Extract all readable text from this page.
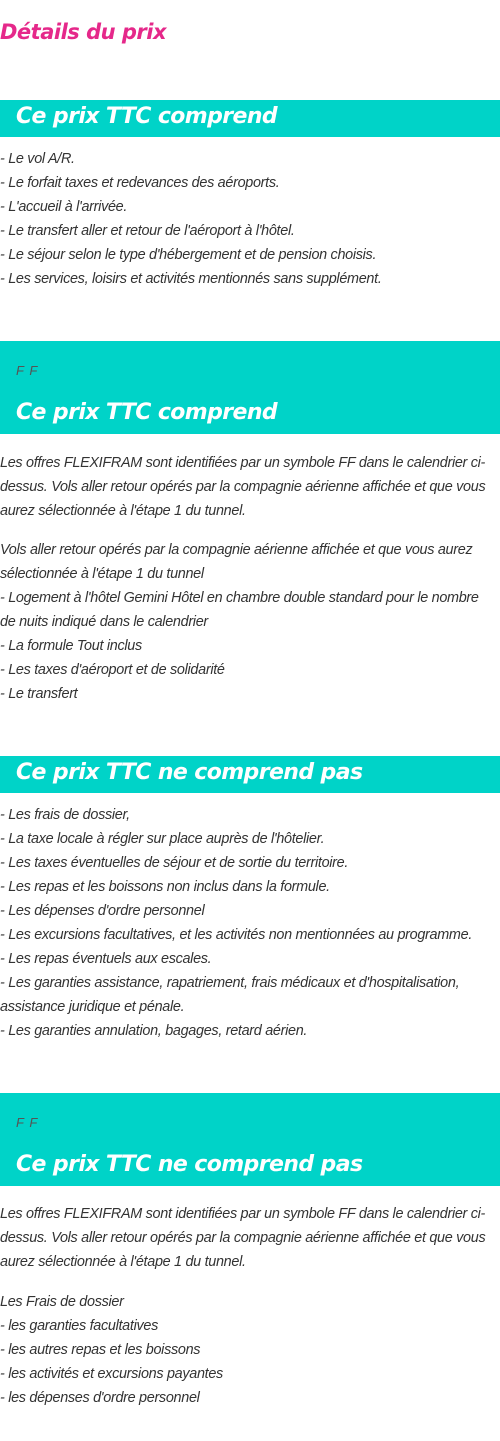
Détails du prix
Ce prix TTC comprend

- Le vol A/R.
- Le forfait taxes et redevances des aéroports.
- L'accueil à l'arrivée.
- Le transfert aller et retour de l'aéroport à l'hôtel.
- Le séjour selon le type d'hébergement et de pension choisis.
- Les services, loisirs et activités mentionnés sans supplément.

F F
Ce prix TTC comprend

Les offres FLEXIFRAM sont identifiées par un symbole FF dans le calendrier ci-
dessus. Vols aller retour opérés par la compagnie aérienne affichée et que vous
aurez sélectionnée à l'étape 1 du tunnel.

Vols aller retour opérés par la compagnie aérienne affichée et que vous aurez
sélectionnée à l'étape 1 du tunnel
- Logement à l'hôtel Gemini Hôtel en chambre double standard pour le nombre
de nuits indiqué dans le calendrier
- La formule Tout inclus
- Les taxes d'aéroport et de solidarité
- Le transfert

Ce prix TTC ne comprend pas

- Les frais de dossier,
- La taxe locale à régler sur place auprès de l'hôtelier.
- Les taxes éventuelles de séjour et de sortie du territoire.
- Les repas et les boissons non inclus dans la formule.
- Les dépenses d'ordre personnel
- Les excursions facultatives, et les activités non mentionnées au programme.
- Les repas éventuels aux escales.
- Les garanties assistance, rapatriement, frais médicaux et d'hospitalisation,
assistance juridique et pénale.
- Les garanties annulation, bagages, retard aérien.

F F
Ce prix TTC ne comprend pas

Les offres FLEXIFRAM sont identifiées par un symbole FF dans le calendrier ci-
dessus. Vols aller retour opérés par la compagnie aérienne affichée et que vous
aurez sélectionnée à l'étape 1 du tunnel.

Les Frais de dossier
- les garanties facultatives
- les autres repas et les boissons
- les activités et excursions payantes
- les dépenses d'ordre personnel
